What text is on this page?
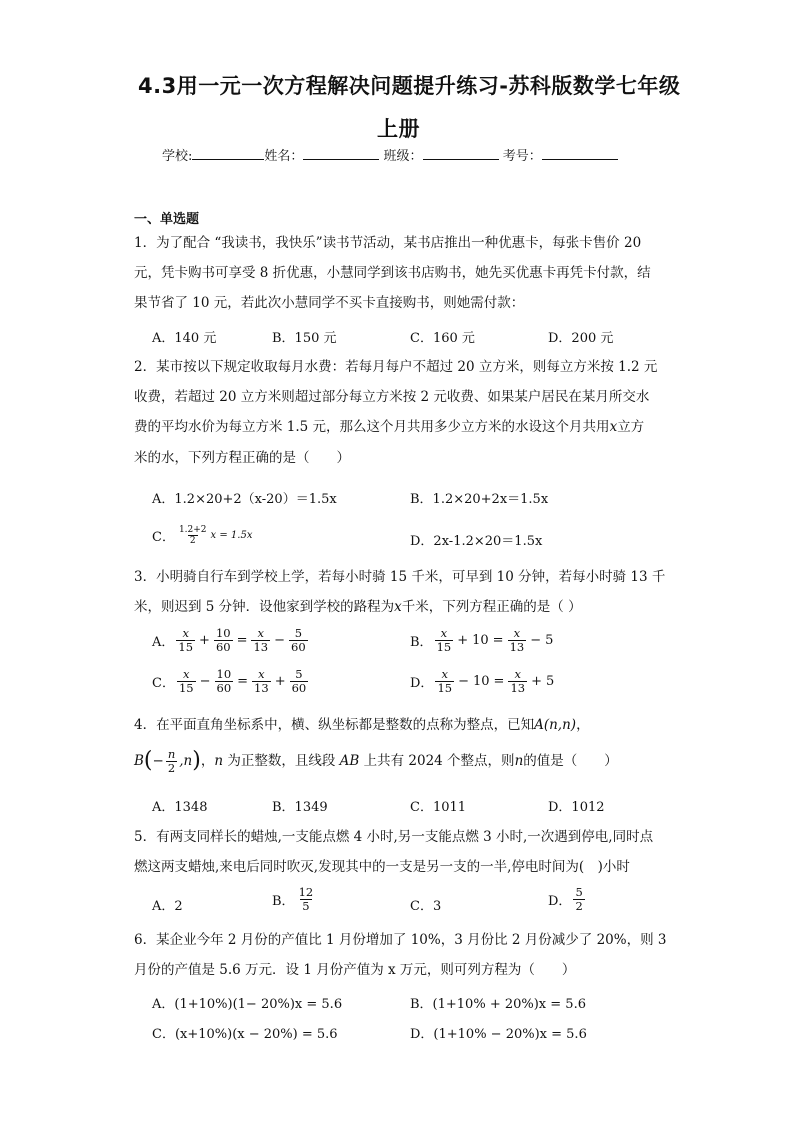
4.3用一元一次方程解决问题提升练习-苏科版数学七年级
上册
学校:	姓名：	班级：	考号：
一、单选题
1．为了配合 “我读书，我快乐”读书节活动，某书店推出一种优惠卡，每张卡售价 20
元，凭卡购书可享受 8 折优惠，小慧同学到该书店购书，她先买优惠卡再凭卡付款，结
果节省了 10 元，若此次小慧同学不买卡直接购书，则她需付款：
A．140 元	B．150 元	C．160 元	D．200 元
2．某市按以下规定收取每月水费：若每月每户不超过 20 立方米，则每立方米按 1.2 元
收费，若超过 20 立方米则超过部分每立方米按 2 元收费、如果某户居民在某月所交水
费的平均水价为每立方米 1.5 元，那么这个月共用多少立方米的水设这个月共用x立方
米的水，下列方程正确的是（　　）
A．1.2×20+2（x-20）＝1.5x	B．1.2×20+2x＝1.5x
C． $\frac{1.2+2}{2}$ x = 1.5x	D．2x-1.2×20＝1.5x
3．小明骑自行车到学校上学，若每小时骑 15 千米，可早到 10 分钟，若每小时骑 13 千
米，则迟到 5 分钟．设他家到学校的路程为x千米，下列方程正确的是（ ）
A． $\frac{x}{15} + \frac{10}{60} = \frac{x}{13} - \frac{5}{60}$	B． $\frac{x}{15} + 10 = \frac{x}{13} - 5$
C． $\frac{x}{15} - \frac{10}{60} = \frac{x}{13} + \frac{5}{60}$	D． $\frac{x}{15} - 10 = \frac{x}{13} + 5$
4．在平面直角坐标系中，横、纵坐标都是整数的点称为整点，已知A(n,n)，
B ( − $\frac{n}{2} ,n$ ) ， n
为正整数，且线段
AB
上共有 2024 个整点，则 n 的值是（　　）
A．1348	B．1349	C．1011	D．1012
5．有两支同样长的蜡烛,一支能点燃 4 小时,另一支能点燃 3 小时,一次遇到停电,同时点
燃这两支蜡烛,来电后同时吹灭,发现其中的一支是另一支的一半,停电时间为(　)小时
A．2	B． $\frac{12}{5}$	C．3	D． $\frac{5}{2}$
6．某企业今年 2 月份的产值比 1 月份增加了 10%，3 月份比 2 月份减少了 20%，则 3
月份的产值是 5.6 万元．设 1 月份产值为 x 万元，则可列方程为（　　）
A．(1+10%)(1− 20%)x = 5.6	B．(1+10% + 20%)x = 5.6
C．(x+10%)(x − 20%) = 5.6	D．(1+10% − 20%)x = 5.6
